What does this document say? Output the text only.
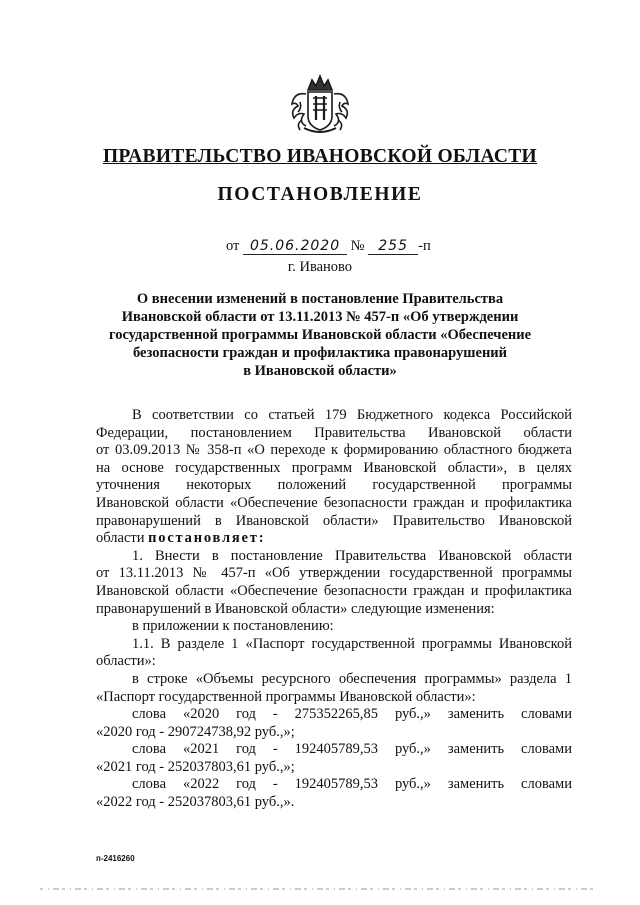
ПРАВИТЕЛЬСТВО ИВАНОВСКОЙ ОБЛАСТИ
ПОСТАНОВЛЕНИЕ
от 05.06.2020 № 255 -п
г. Иваново
О внесении изменений в постановление Правительства
Ивановской области от 13.11.2013 № 457-п «Об утверждении
государственной программы Ивановской области «Обеспечение
безопасности граждан и профилактика правонарушений
в Ивановской области»
В соответствии со статьей 179 Бюджетного кодекса Российской
Федерации, постановлением Правительства Ивановской области
от 03.09.2013 № 358-п «О переходе к формированию областного бюджета
на основе государственных программ Ивановской области», в целях
уточнения некоторых положений государственной программы
Ивановской области «Обеспечение безопасности граждан и профилактика
правонарушений в Ивановской области» Правительство Ивановской
области постановляет:
1. Внести в постановление Правительства Ивановской области
от 13.11.2013 № 457-п «Об утверждении государственной программы
Ивановской области «Обеспечение безопасности граждан и профилактика
правонарушений в Ивановской области» следующие изменения:
в приложении к постановлению:
1.1. В разделе 1 «Паспорт государственной программы Ивановской
области»:
в строке «Объемы ресурсного обеспечения программы» раздела 1
«Паспорт государственной программы Ивановской области»:
слова «2020 год - 275352265,85 руб.,» заменить словами
«2020 год - 290724738,92 руб.,»;
слова «2021 год - 192405789,53 руб.,» заменить словами
«2021 год - 252037803,61 руб.,»;
слова «2022 год - 192405789,53 руб.,» заменить словами
«2022 год - 252037803,61 руб.,».
п-2416260
